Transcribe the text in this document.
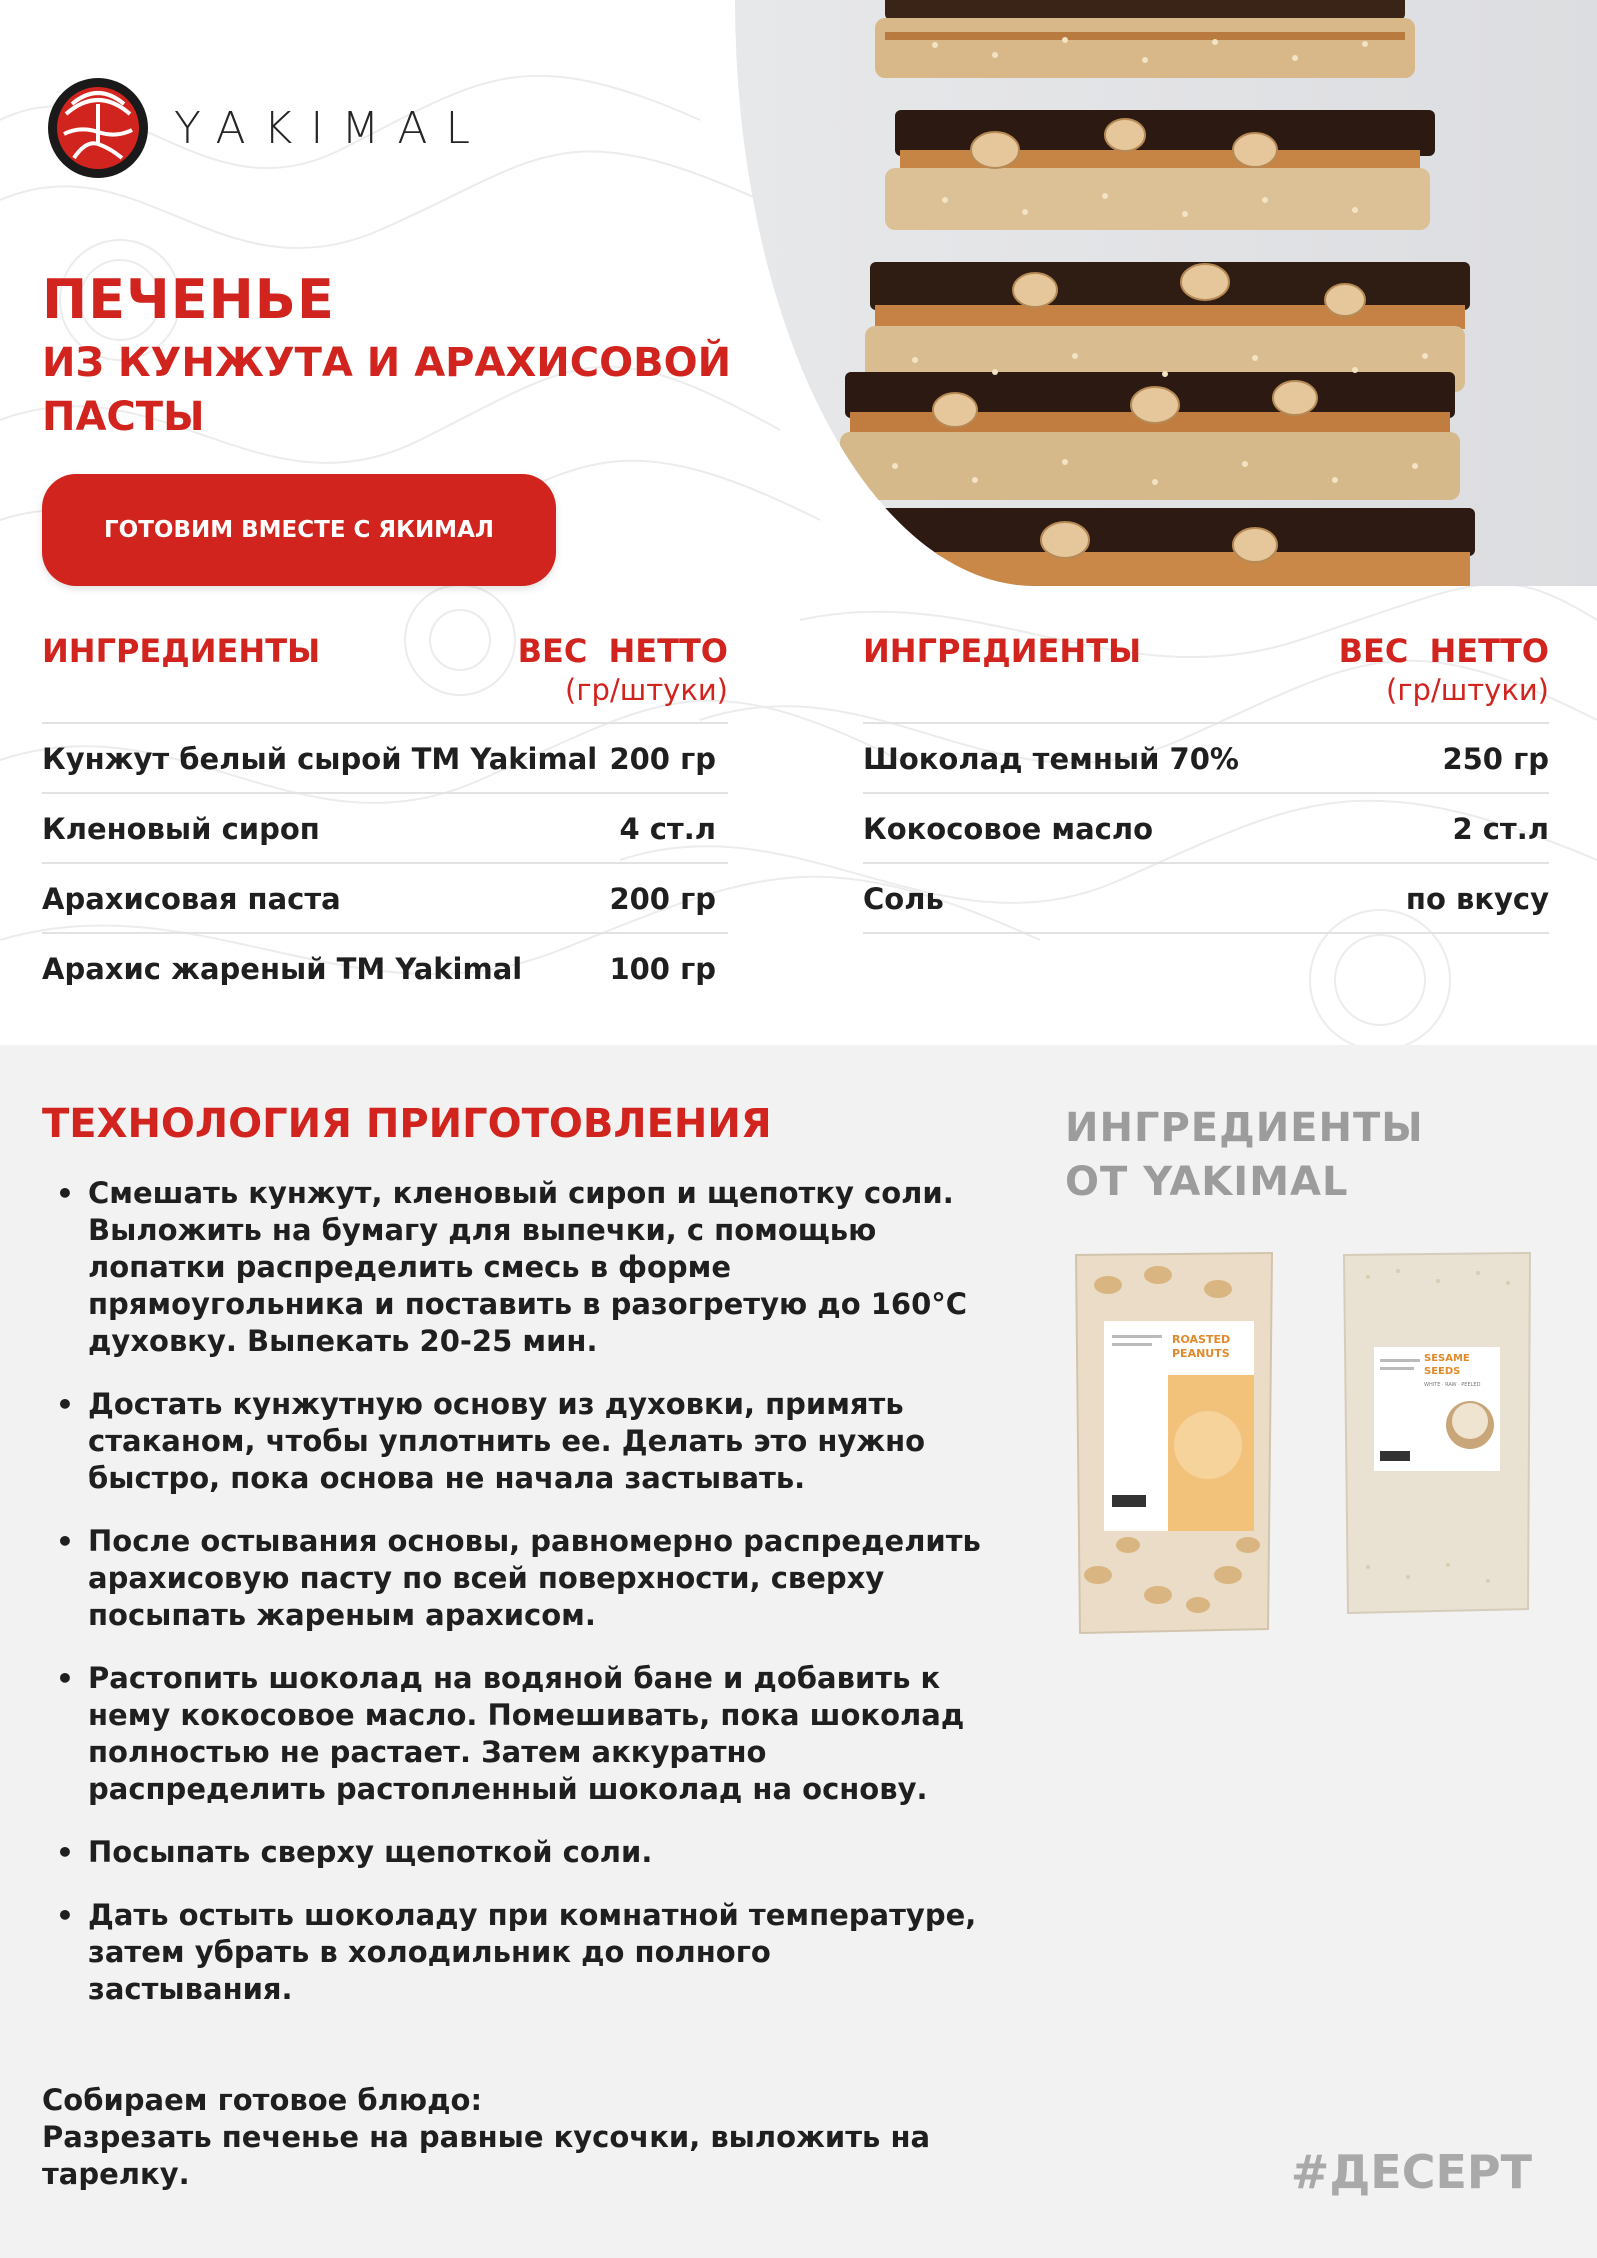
YAKIMAL
ПЕЧЕНЬЕ
ИЗ КУНЖУТА И АРАХИСОВОЙ ПАСТЫ
ГОТОВИМ ВМЕСТЕ С ЯКИМАЛ
ИНГРЕДИЕНТЫ	ВЕС НЕТТО
(гр/штуки)
Кунжут белый сырой ТМ Yakimal 200 гр
Кленовый сироп	4 ст.л
Арахисовая паста	200 гр
Арахис жареный ТМ Yakimal	100 гр
ИНГРЕДИЕНТЫ	ВЕС НЕТТО
(гр/штуки)
Шоколад темный 70%	250 гр
Кокосовое масло	2 ст.л
Соль	по вкусу
ТЕХНОЛОГИЯ ПРИГОТОВЛЕНИЯ
• Смешать кунжут, кленовый сироп и щепотку соли. Выложить на бумагу для выпечки, с помощью лопатки распределить смесь в форме прямоугольника и поставить в разогретую до 160°C духовку. Выпекать 20-25 мин.
• Достать кунжутную основу из духовки, примять стаканом, чтобы уплотнить ее. Делать это нужно быстро, пока основа не начала застывать.
• После остывания основы, равномерно распределить арахисовую пасту по всей поверхности, сверху посыпать жареным арахисом.
• Растопить шоколад на водяной бане и добавить к нему кокосовое масло. Помешивать, пока шоколад полностью не растает. Затем аккуратно распределить растопленный шоколад на основу.
• Посыпать сверху щепоткой соли.
• Дать остыть шоколаду при комнатной температуре, затем убрать в холодильник до полного застывания.
Собираем готовое блюдо:
Разрезать печенье на равные кусочки, выложить на тарелку.
ИНГРЕДИЕНТЫ
ОТ YAKIMAL
ROASTED
PEANUTS	SESAME
SEEDS
WHITE · RAW · PEELED
#ДЕСЕРТ
